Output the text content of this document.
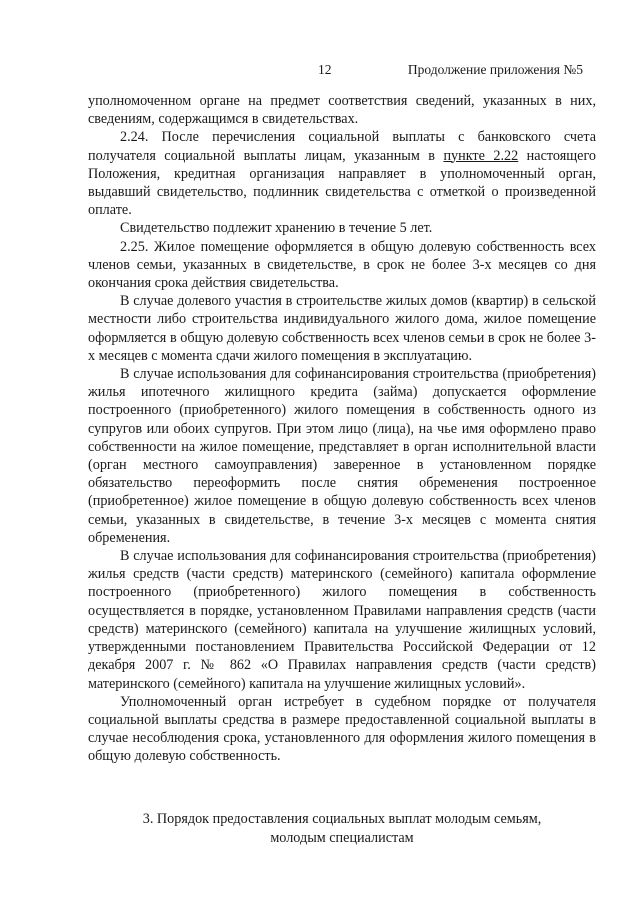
12	Продолжение приложения №5

уполномоченном органе на предмет соответствия сведений, указанных в них, сведениям, содержащимся в свидетельствах.

2.24. После перечисления социальной выплаты с банковского счета получателя социальной выплаты лицам, указанным в пункте 2.22 настоящего Положения, кредитная организация направляет в уполномоченный орган, выдавший свидетельство, подлинник свидетельства с отметкой о произведенной оплате.

Свидетельство подлежит хранению в течение 5 лет.

2.25. Жилое помещение оформляется в общую долевую собственность всех членов семьи, указанных в свидетельстве, в срок не более 3-х месяцев со дня окончания срока действия свидетельства.

В случае долевого участия в строительстве жилых домов (квартир) в сельской местности либо строительства индивидуального жилого дома, жилое помещение оформляется в общую долевую собственность всех членов семьи в срок не более 3-х месяцев с момента сдачи жилого помещения в эксплуатацию.

В случае использования для софинансирования строительства (приобретения) жилья ипотечного жилищного кредита (займа) допускается оформление построенного (приобретенного) жилого помещения в собственность одного из супругов или обоих супругов. При этом лицо (лица), на чье имя оформлено право собственности на жилое помещение, представляет в орган исполнительной власти (орган местного самоуправления) заверенное в установленном порядке обязательство переоформить после снятия обременения построенное (приобретенное) жилое помещение в общую долевую собственность всех членов семьи, указанных в свидетельстве, в течение 3-х месяцев с момента снятия обременения.

В случае использования для софинансирования строительства (приобретения) жилья средств (части средств) материнского (семейного) капитала оформление построенного (приобретенного) жилого помещения в собственность осуществляется в порядке, установленном Правилами направления средств (части средств) материнского (семейного) капитала на улучшение жилищных условий, утвержденными постановлением Правительства Российской Федерации от 12 декабря 2007 г. № 862 «О Правилах направления средств (части средств) материнского (семейного) капитала на улучшение жилищных условий».

Уполномоченный орган истребует в судебном порядке от получателя социальной выплаты средства в размере предоставленной социальной выплаты в случае несоблюдения срока, установленного для оформления жилого помещения в общую долевую собственность.

3. Порядок предоставления социальных выплат молодым семьям,
молодым специалистам
